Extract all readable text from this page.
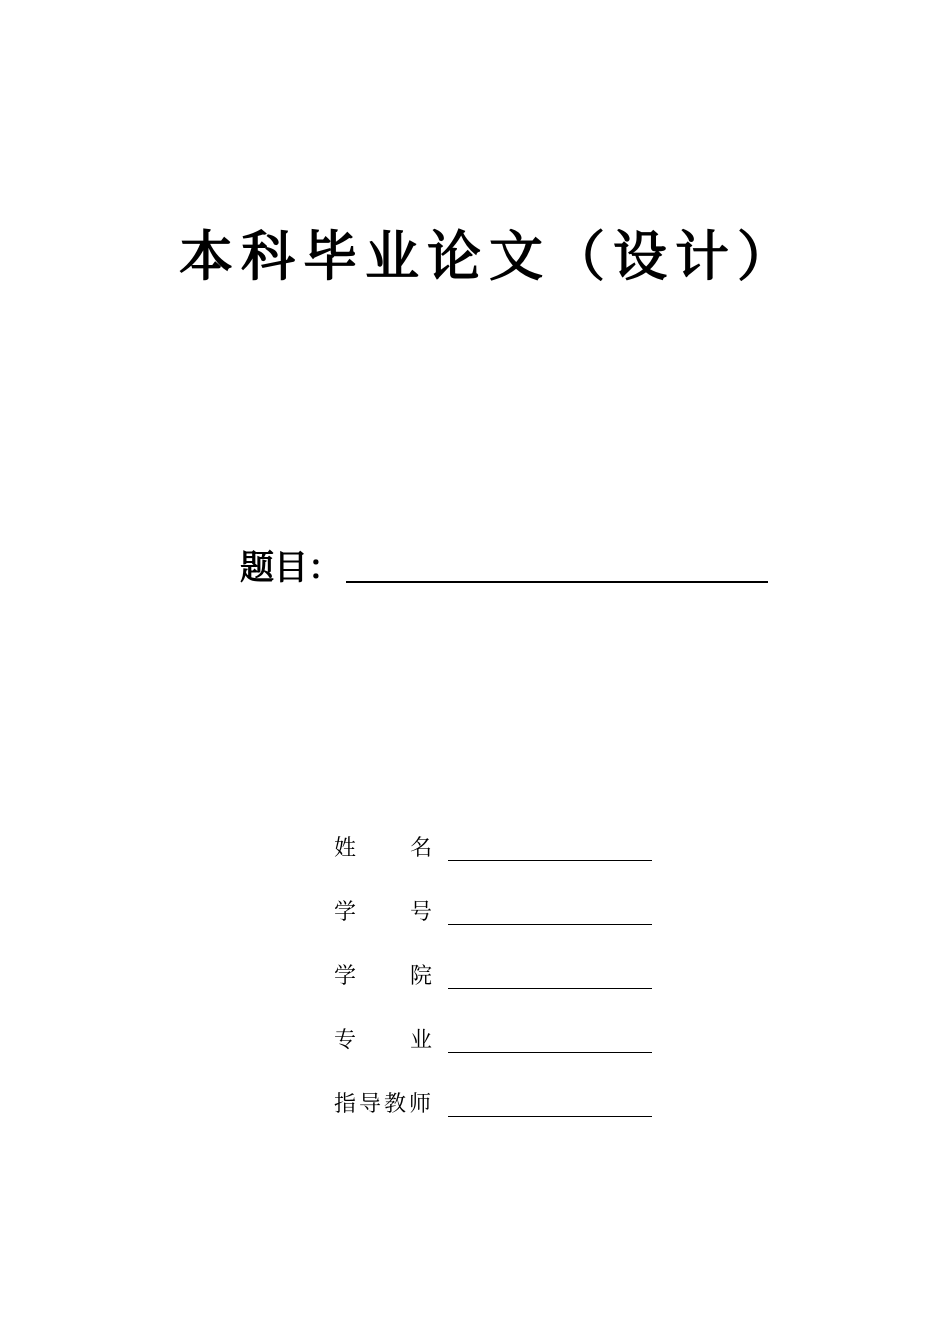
本科毕业论文（设计）
题目：
姓 名
学 号
学 院
专 业
指 导 教 师
